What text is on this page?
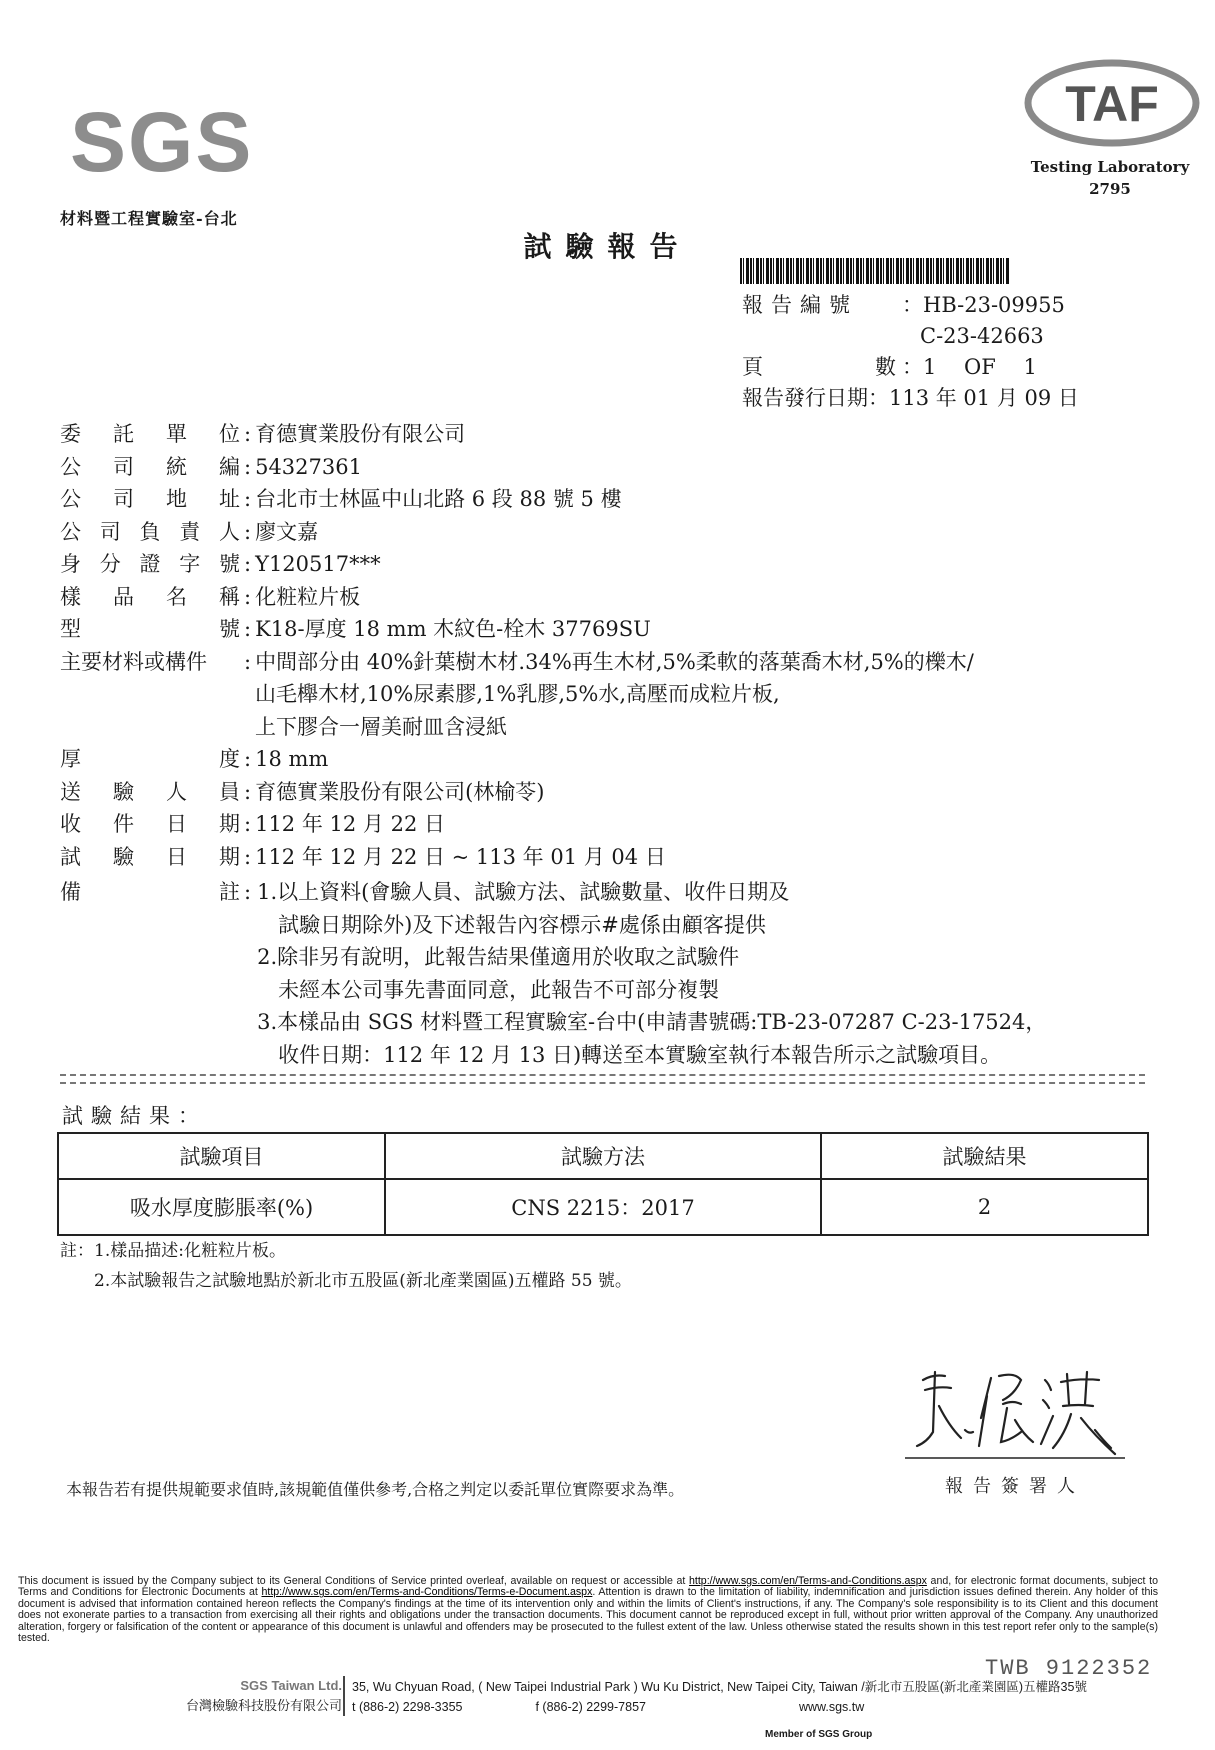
SGS
材料暨工程實驗室-台北
TAF
Testing Laboratory
2795
試驗報告
報告編號 ：HB-23-09955
C-23-42663
頁	數 ：1　 OF　 1
報告發行日期：113 年 01 月 09 日
委 託 單 位 : 育德實業股份有限公司
公 司 統 編 : 54327361
公 司 地 址 : 台北市士林區中山北路 6 段 88 號 5 樓
公 司 負 責 人 : 廖文嘉
身 分 證 字 號 : Y120517***
樣 品 名 稱 : 化粧粒片板
型	號 : K18-厚度 18 mm 木紋色-栓木 37769SU
主要材料或構件 : 中間部分由 40%針葉樹木材.34%再生木材,5%柔軟的落葉喬木材,5%的櫟木/
山毛櫸木材,10%尿素膠,1%乳膠,5%水,高壓而成粒片板,
上下膠合一層美耐皿含浸紙
厚	度 : 18 mm
送 驗 人 員 : 育德實業股份有限公司(林榆苓)
收 件 日 期 : 112 年 12 月 22 日
試 驗 日 期 : 112 年 12 月 22 日 ~ 113 年 01 月 04 日
備	註 : 1.以上資料(會驗人員、試驗方法、試驗數量、收件日期及
　試驗日期除外)及下述報告內容標示#處係由顧客提供
2.除非另有說明，此報告結果僅適用於收取之試驗件
　未經本公司事先書面同意，此報告不可部分複製
3.本樣品由 SGS 材料暨工程實驗室-台中(申請書號碼:TB-23-07287 C-23-17524，
　收件日期：112 年 12 月 13 日)轉送至本實驗室執行本報告所示之試驗項目。
試驗結果：
試驗項目	試驗方法	試驗結果
吸水厚度膨脹率(%)	CNS 2215：2017	2
註：1.樣品描述:化粧粒片板。
　　2.本試驗報告之試驗地點於新北市五股區(新北產業園區)五權路 55 號。
報告簽署人
本報告若有提供規範要求值時,該規範值僅供參考,合格之判定以委託單位實際要求為準。
This document is issued by the Company subject to its General Conditions of Service printed overleaf, available on request or accessible at http://www.sgs.com/en/Terms-and-Conditions.aspx and, for electronic format documents, subject to Terms and Conditions for Electronic Documents at http://www.sgs.com/en/Terms-and-Conditions/Terms-e-Document.aspx. Attention is drawn to the limitation of liability, indemnification and jurisdiction issues defined therein. Any holder of this document is advised that information contained hereon reflects the Company's findings at the time of its intervention only and within the limits of Client's instructions, if any. The Company's sole responsibility is to its Client and this document does not exonerate parties to a transaction from exercising all their rights and obligations under the transaction documents. This document cannot be reproduced except in full, without prior written approval of the Company. Any unauthorized alteration, forgery or falsification of the content or appearance of this document is unlawful and offenders may be prosecuted to the fullest extent of the law. Unless otherwise stated the results shown in this test report refer only to the sample(s) tested.
TWB 9122352
SGS Taiwan Ltd.
台灣檢驗科技股份有限公司
35, Wu Chyuan Road, ( New Taipei Industrial Park ) Wu Ku District, New Taipei City, Taiwan /新北市五股區(新北產業園區)五權路35號
t (886-2) 2298-3355	f (886-2) 2299-7857	www.sgs.tw
Member of SGS Group
